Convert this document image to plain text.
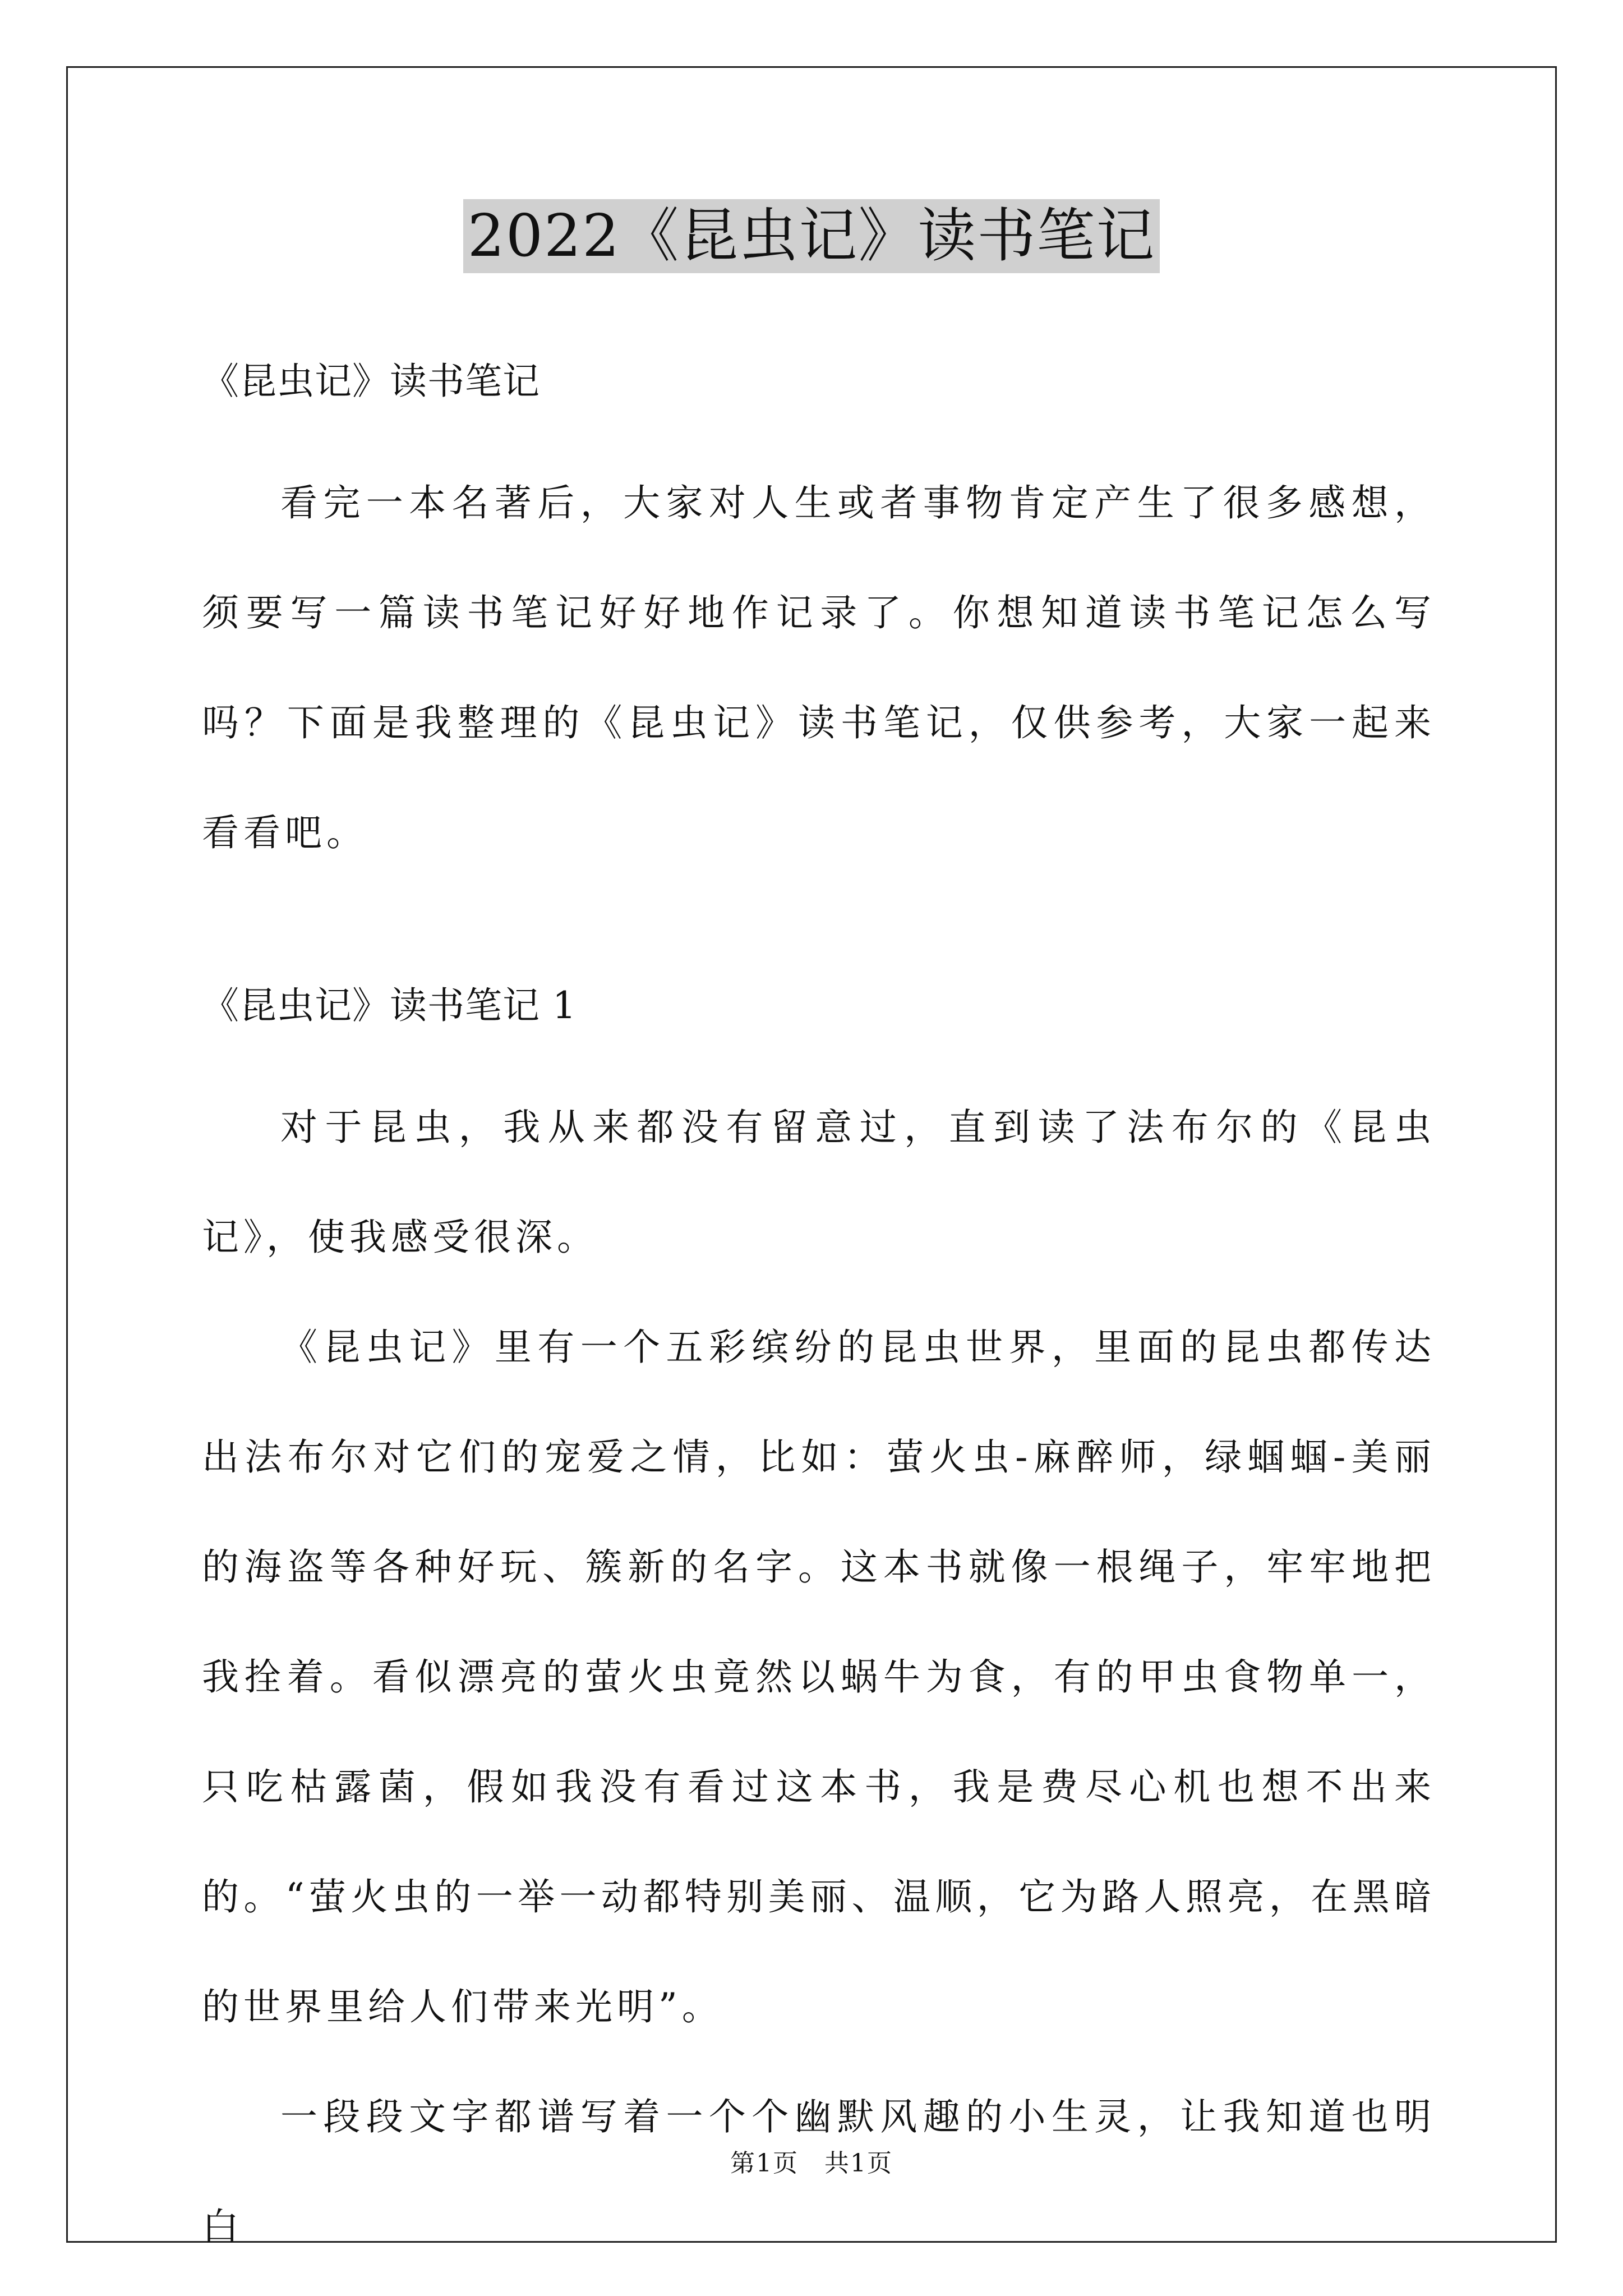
2022《昆虫记》读书笔记

《昆虫记》读书笔记

看完一本名著后，大家对人生或者事物肯定产生了很多感想，须要写一篇读书笔记好好地作记录了。你想知道读书笔记怎么写吗？下面是我整理的《昆虫记》读书笔记，仅供参考，大家一起来看看吧。

《昆虫记》读书笔记 1

对于昆虫，我从来都没有留意过，直到读了法布尔的《昆虫记》，使我感受很深。

《昆虫记》里有一个五彩缤纷的昆虫世界，里面的昆虫都传达出法布尔对它们的宠爱之情，比如：萤火虫-麻醉师，绿蝈蝈-美丽的海盗等各种好玩、簇新的名字。这本书就像一根绳子，牢牢地把我拴着。看似漂亮的萤火虫竟然以蜗牛为食，有的甲虫食物单一，只吃枯露菌，假如我没有看过这本书，我是费尽心机也想不出来的。“萤火虫的一举一动都特别美丽、温顺，它为路人照亮，在黑暗的世界里给人们带来光明”。

一段段文字都谱写着一个个幽默风趣的小生灵，让我知道也明白

第1页　共1页
